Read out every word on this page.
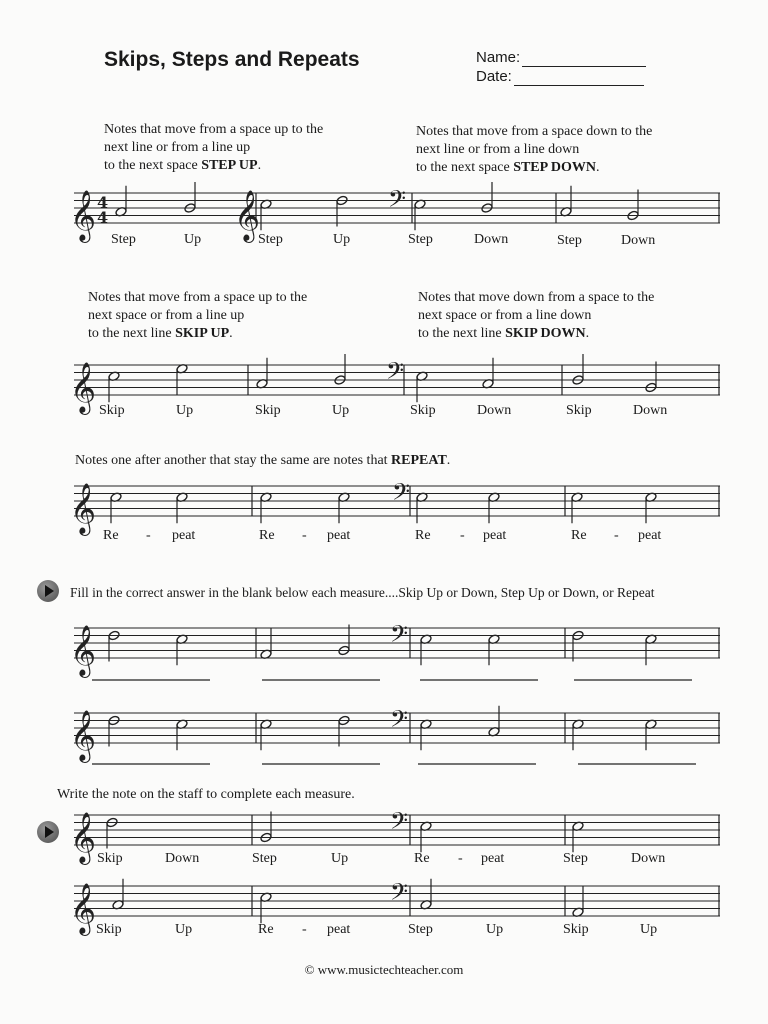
Skips, Steps and Repeats	Name:
Date:
Notes that move from a space up to the
next line or from a line up
to the next space STEP UP.
Notes that move from a space down to the
next line or from a line down
to the next space STEP DOWN.
Notes that move from a space up to the
next space or from a line up
to the next line SKIP UP.
Notes that move down from a space to the
next space or from a line down
to the next line SKIP DOWN.
Notes one after another that stay the same are notes that REPEAT.
Fill in the correct answer in the blank below each measure....Skip Up or Down, Step Up or Down, or Repeat
Write the note on the staff to complete each measure.
𝄞	𝄞	𝄢
4
4
𝄞	𝄢
𝄞	𝄢
𝄞	𝄢
𝄞	𝄢
𝄞	𝄢
𝄞	𝄢
Step	Up	Step	Up	Step	Down	Step	Down
Skip	Up	Skip	Up	Skip	Down	Skip	Down
Re - peat	Re - peat	Re - peat	Re - peat
Skip	Down	Step	Up	Re - peat	Step	Down
Skip	Up	Re - peat	Step	Up	Skip	Up
© www.musictechteacher.com
